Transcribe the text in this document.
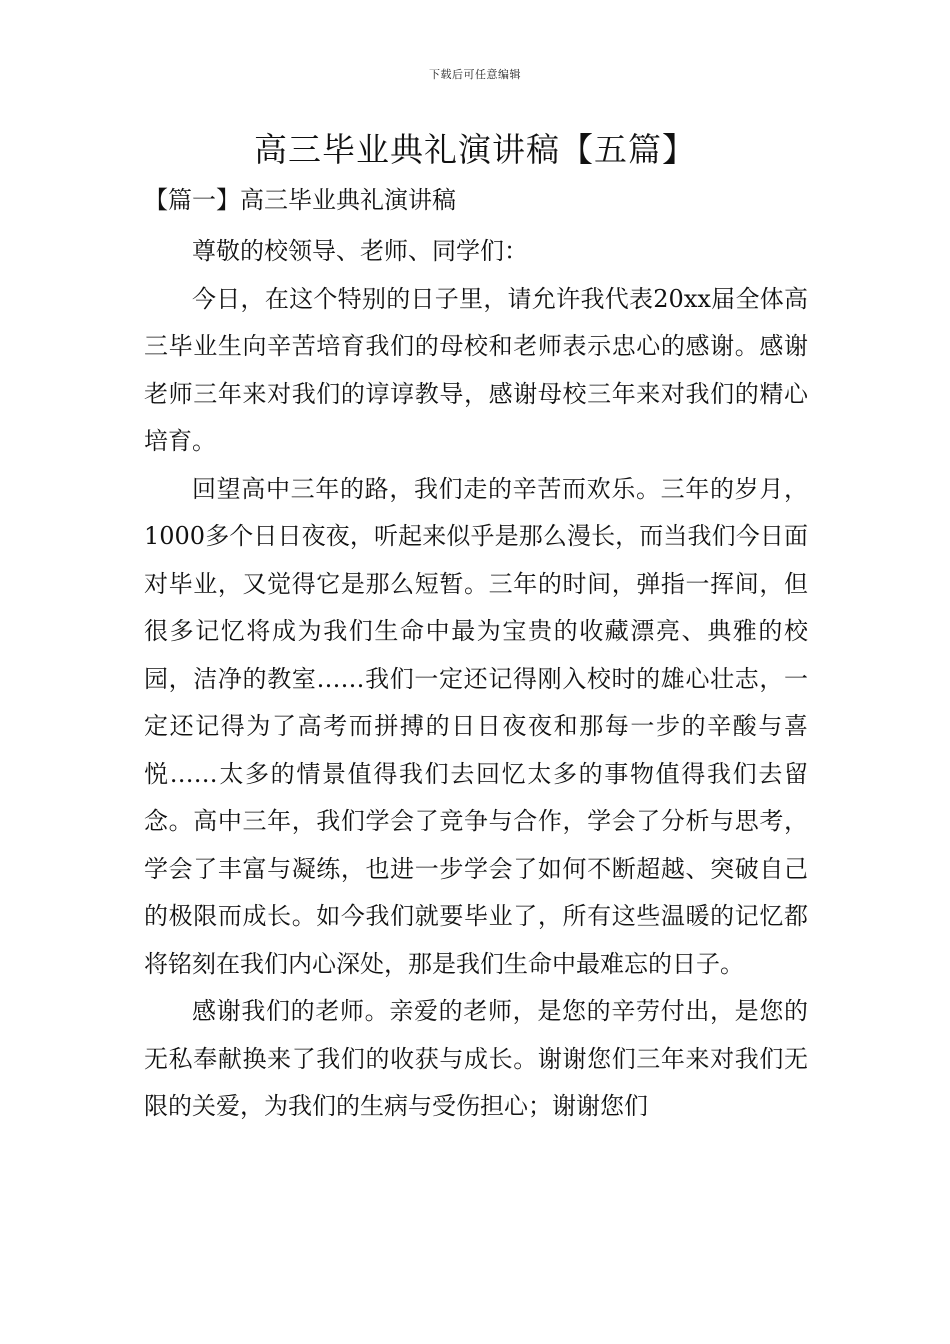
下载后可任意编辑
高三毕业典礼演讲稿【五篇】
【篇一】高三毕业典礼演讲稿

尊敬的校领导、老师、同学们：

今日，在这个特别的日子里，请允许我代表20xx届全体高三毕业生向辛苦培育我们的母校和老师表示忠心的感谢。感谢老师三年来对我们的谆谆教导，感谢母校三年来对我们的精心培育。

回望高中三年的路，我们走的辛苦而欢乐。三年的岁月，1000多个日日夜夜，听起来似乎是那么漫长，而当我们今日面对毕业，又觉得它是那么短暂。三年的时间，弹指一挥间，但很多记忆将成为我们生命中最为宝贵的收藏漂亮、典雅的校园，洁净的教室……我们一定还记得刚入校时的雄心壮志，一定还记得为了高考而拼搏的日日夜夜和那每一步的辛酸与喜悦……太多的情景值得我们去回忆太多的事物值得我们去留念。高中三年，我们学会了竞争与合作，学会了分析与思考，学会了丰富与凝练，也进一步学会了如何不断超越、突破自己的极限而成长。如今我们就要毕业了，所有这些温暖的记忆都将铭刻在我们内心深处，那是我们生命中最难忘的日子。

感谢我们的老师。亲爱的老师，是您的辛劳付出，是您的无私奉献换来了我们的收获与成长。谢谢您们三年来对我们无限的关爱，为我们的生病与受伤担心；谢谢您们
